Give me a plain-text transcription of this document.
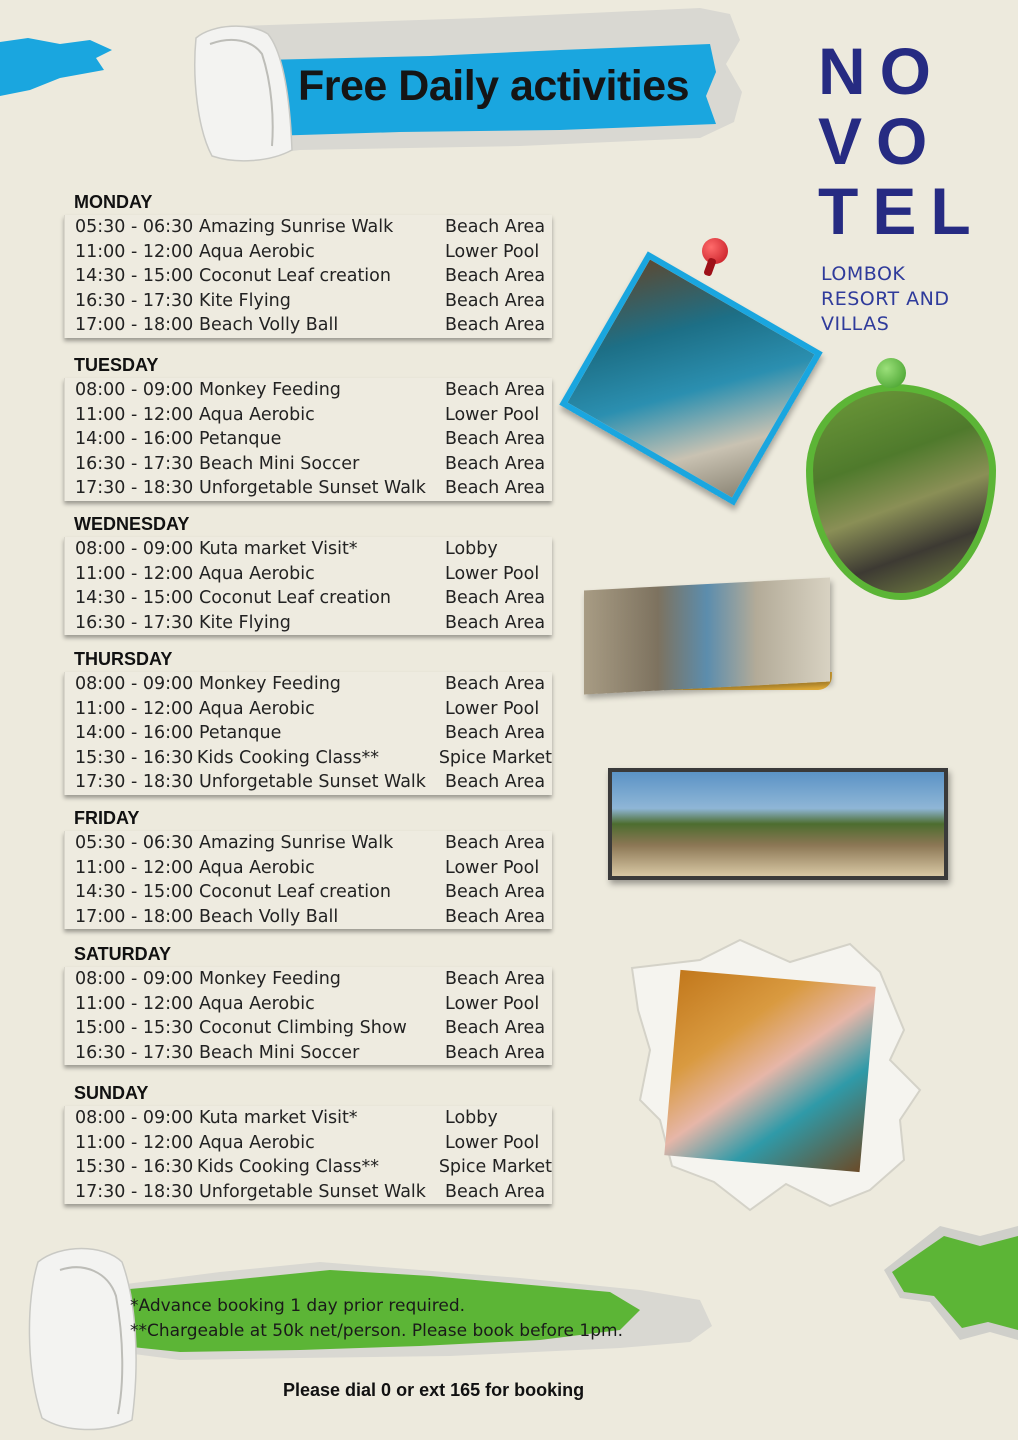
Free Daily activities NO
VO
TEL
LOMBOK
RESORT AND
VILLAS
MONDAY
05:30 - 06:30 Amazing Sunrise Walk	Beach Area
11:00 - 12:00 Aqua Aerobic	Lower Pool
14:30 - 15:00 Coconut Leaf creation	Beach Area
16:30 - 17:30 Kite Flying	Beach Area
17:00 - 18:00 Beach Volly Ball	Beach Area
TUESDAY
08:00 - 09:00 Monkey Feeding	Beach Area
11:00 - 12:00 Aqua Aerobic	Lower Pool
14:00 - 16:00 Petanque	Beach Area
16:30 - 17:30 Beach Mini Soccer	Beach Area
17:30 - 18:30 Unforgetable Sunset Walk	Beach Area
WEDNESDAY
08:00 - 09:00 Kuta market Visit*	Lobby
11:00 - 12:00 Aqua Aerobic	Lower Pool
14:30 - 15:00 Coconut Leaf creation	Beach Area
16:30 - 17:30 Kite Flying	Beach Area
THURSDAY
08:00 - 09:00 Monkey Feeding	Beach Area
11:00 - 12:00 Aqua Aerobic	Lower Pool
14:00 - 16:00 Petanque	Beach Area
15:30 - 16:30 Kids Cooking Class**	Spice Market
17:30 - 18:30 Unforgetable Sunset Walk	Beach Area
FRIDAY
05:30 - 06:30 Amazing Sunrise Walk	Beach Area
11:00 - 12:00 Aqua Aerobic	Lower Pool
14:30 - 15:00 Coconut Leaf creation	Beach Area
17:00 - 18:00 Beach Volly Ball	Beach Area
SATURDAY
08:00 - 09:00 Monkey Feeding	Beach Area
11:00 - 12:00 Aqua Aerobic	Lower Pool
15:00 - 15:30 Coconut Climbing Show	Beach Area
16:30 - 17:30 Beach Mini Soccer	Beach Area
SUNDAY
08:00 - 09:00 Kuta market Visit*	Lobby
11:00 - 12:00 Aqua Aerobic	Lower Pool
15:30 - 16:30 Kids Cooking Class**	Spice Market
17:30 - 18:30 Unforgetable Sunset Walk	Beach Area
*Advance booking 1 day prior required.
**Chargeable at 50k net/person. Please book before 1pm.
Please dial 0 or ext 165 for booking
